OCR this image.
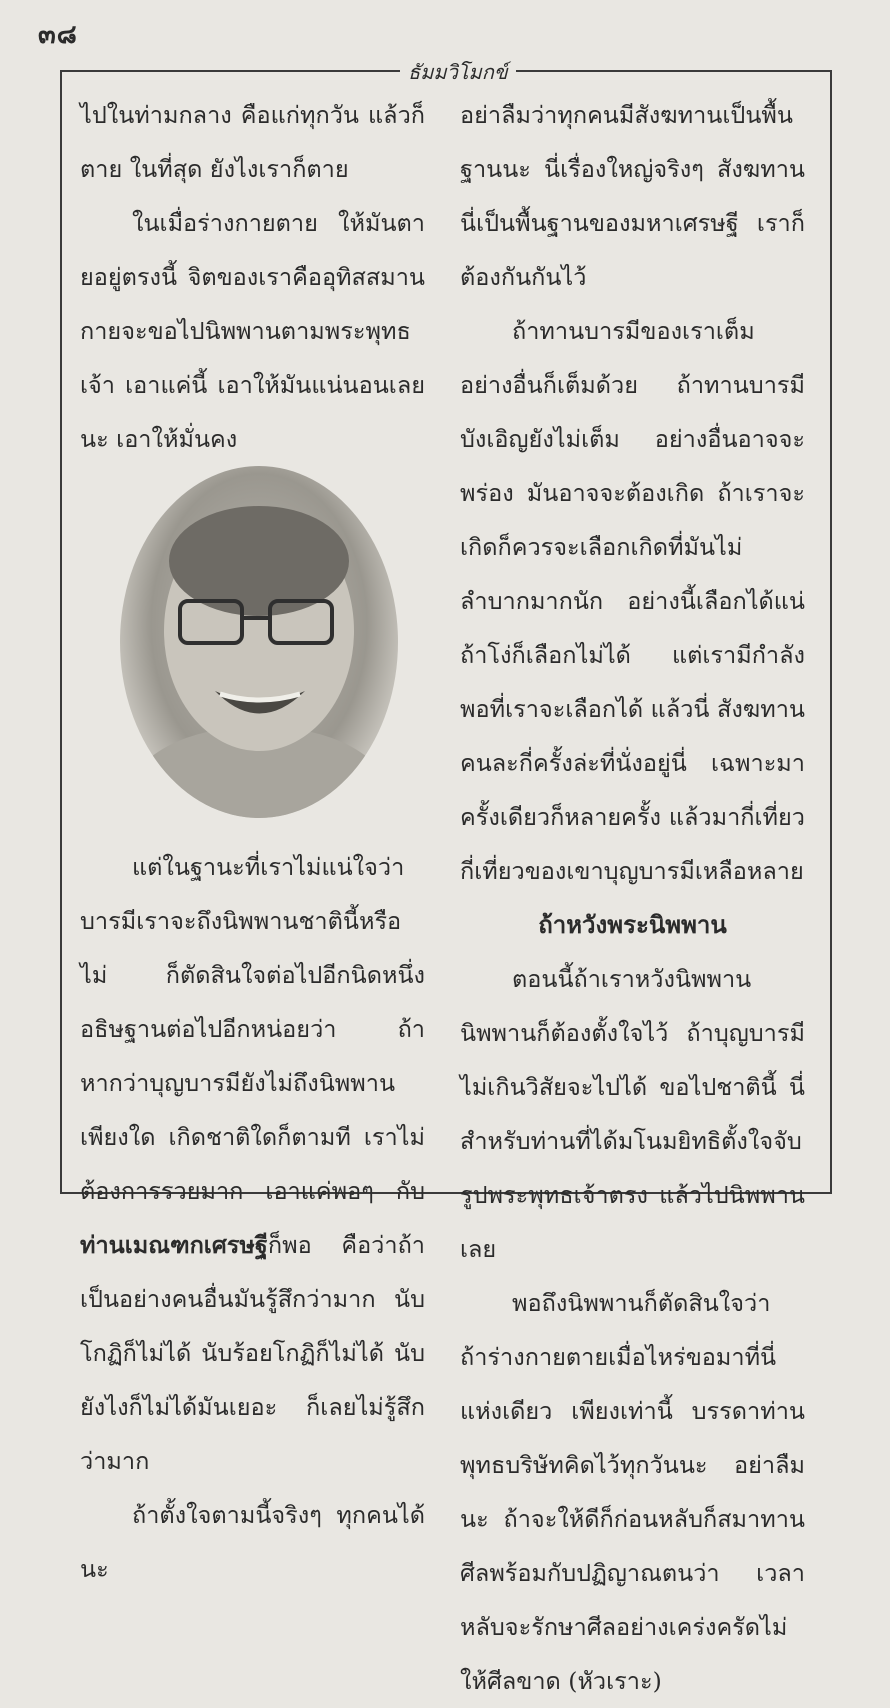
๓๘
ธัมมวิโมกข์

ไปในท่ามกลาง คือแก่ทุกวัน แล้วก็ตาย ในที่สุด ยังไงเราก็ตาย

ในเมื่อร่างกายตาย ให้มันตายอยู่ตรงนี้ จิตของเราคืออุทิสสมานกายจะขอไปนิพพานตามพระพุทธเจ้า เอาแค่นี้ เอาให้มันแน่นอนเลยนะ เอาให้มั่นคง

แต่ในฐานะที่เราไม่แน่ใจว่าบารมีเราจะถึงนิพพานชาตินี้หรือไม่ ก็ตัดสินใจต่อไปอีกนิดหนึ่ง อธิษฐานต่อไปอีกหน่อยว่า ถ้าหากว่าบุญบารมียังไม่ถึงนิพพานเพียงใด เกิดชาติใดก็ตามที เราไม่ต้องการรวยมาก เอาแค่พอๆ กับท่านเมณฑกเศรษฐีก็พอ คือว่าถ้าเป็นอย่างคนอื่นมันรู้สึกว่ามาก นับโกฏิก็ไม่ได้ นับร้อยโกฏิก็ไม่ได้ นับยังไงก็ไม่ได้มันเยอะ ก็เลยไม่รู้สึกว่ามาก

ถ้าตั้งใจตามนี้จริงๆ ทุกคนได้นะ

อย่าลืมว่าทุกคนมีสังฆทานเป็นพื้นฐานนะ นี่เรื่องใหญ่จริงๆ สังฆทานนี่เป็นพื้นฐานของมหาเศรษฐี เราก็ต้องกันกันไว้

ถ้าทานบารมีของเราเต็ม อย่างอื่นก็เต็มด้วย ถ้าทานบารมีบังเอิญยังไม่เต็ม อย่างอื่นอาจจะพร่อง มันอาจจะต้องเกิด ถ้าเราจะเกิดก็ควรจะเลือกเกิดที่มันไม่ลำบากมากนัก อย่างนี้เลือกได้แน่ ถ้าโง่ก็เลือกไม่ได้ แต่เรามีกำลังพอที่เราจะเลือกได้ แล้วนี่ สังฆทานคนละกี่ครั้งล่ะที่นั่งอยู่นี่ เฉพาะมาครั้งเดียวก็หลายครั้ง แล้วมากี่เที่ยว กี่เที่ยวของเขาบุญบารมีเหลือหลาย

ถ้าหวังพระนิพพาน

ตอนนี้ถ้าเราหวังนิพพาน นิพพานก็ต้องตั้งใจไว้ ถ้าบุญบารมีไม่เกินวิสัยจะไปได้ ขอไปชาตินี้ นี่สำหรับท่านที่ได้มโนมยิทธิตั้งใจจับรูปพระพุทธเจ้าตรง แล้วไปนิพพานเลย

พอถึงนิพพานก็ตัดสินใจว่า ถ้าร่างกายตายเมื่อไหร่ขอมาที่นี่แห่งเดียว เพียงเท่านี้ บรรดาท่านพุทธบริษัทคิดไว้ทุกวันนะ อย่าลืมนะ ถ้าจะให้ดีก็ก่อนหลับก็สมาทานศีลพร้อมกับปฏิญาณตนว่า เวลาหลับจะรักษาศีลอย่างเคร่งครัดไม่ให้ศีลขาด (หัวเราะ)
